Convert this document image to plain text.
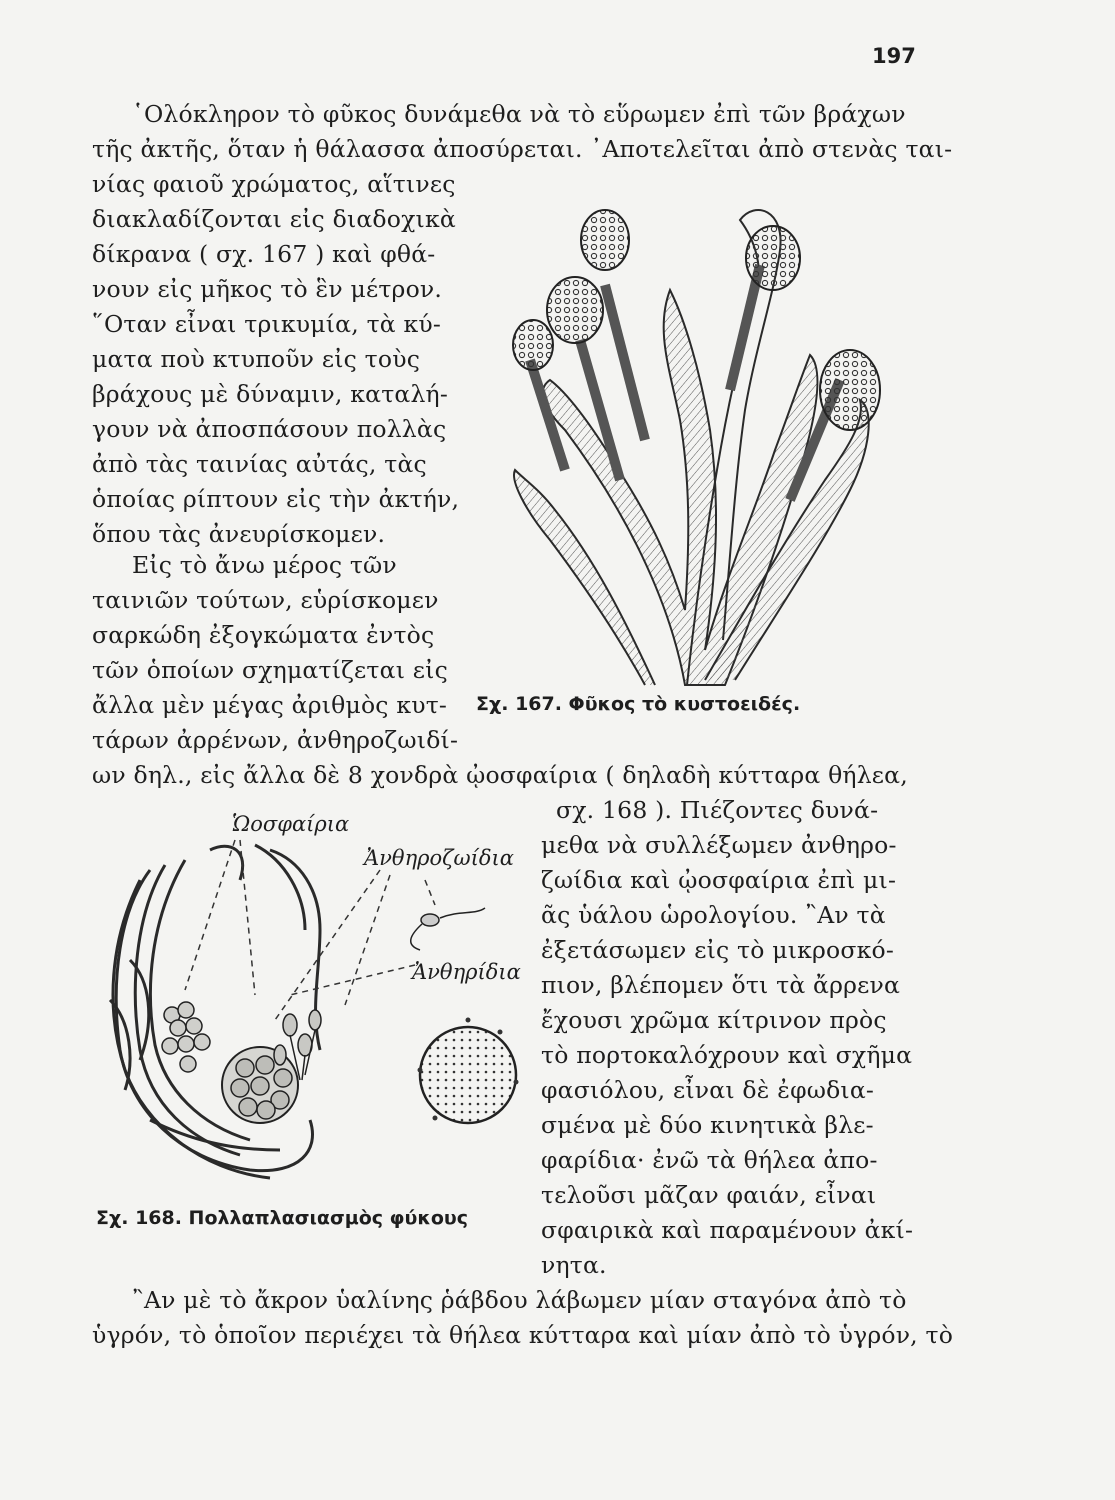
197
῾Ολόκληρον τὸ φῦκος δυνάμεθα νὰ τὸ εὕρωμεν ἐπὶ τῶν βράχων
τῆς ἀκτῆς, ὅταν ἡ θάλασσα ἀποσύρεται. ᾿Αποτελεῖται ἀπὸ στενὰς ται-
νίας φαιοῦ χρώματος, αἵτινες
διακλαδίζονται εἰς διαδοχικὰ
δίκρανα ( σχ. 167 ) καὶ φθά-
νουν εἰς μῆκος τὸ ἓν μέτρον.
῞Οταν εἶναι τρικυμία, τὰ κύ-
ματα ποὺ κτυποῦν εἰς τοὺς
βράχους μὲ δύναμιν, καταλή-
γουν νὰ ἀποσπάσουν πολλὰς
ἀπὸ τὰς ταινίας αὐτάς, τὰς
ὁποίας ρίπτουν εἰς τὴν ἀκτήν,
ὅπου τὰς ἀνευρίσκομεν.
Εἰς τὸ ἄνω μέρος τῶν
ταινιῶν τούτων, εὑρίσκομεν
σαρκώδη ἐξογκώματα ἐντὸς
τῶν ὁποίων σχηματίζεται εἰς
ἄλλα μὲν μέγας ἀριθμὸς κυτ-
τάρων ἀρρένων, ἀνθηροζωιδί-
ων δηλ., εἰς ἄλλα δὲ 8 χονδρὰ ᾠοσφαίρια ( δηλαδὴ κύτταρα θήλεα,
σχ. 168 ). Πιέζοντες δυνά-
μεθα νὰ συλλέξωμεν ἀνθηρο-
ζωίδια καὶ ᾠοσφαίρια ἐπὶ μι-
ᾶς ὑάλου ὡρολογίου. ῍Αν τὰ
ἐξετάσωμεν εἰς τὸ μικροσκό-
πιον, βλέπομεν ὅτι τὰ ἄρρενα
ἔχουσι χρῶμα κίτρινον πρὸς
τὸ πορτοκαλόχρουν καὶ σχῆμα
φασιόλου, εἶναι δὲ ἐφωδια-
σμένα μὲ δύο κινητικὰ βλε-
φαρίδια· ἐνῶ τὰ θήλεα ἀπο-
τελοῦσι μᾶζαν φαιάν, εἶναι
σφαιρικὰ καὶ παραμένουν ἀκί-
νητα.
῍Αν μὲ τὸ ἄκρον ὑαλίνης ῥάβδου λάβωμεν μίαν σταγόνα ἀπὸ τὸ
ὑγρόν, τὸ ὁποῖον περιέχει τὰ θήλεα κύτταρα καὶ μίαν ἀπὸ τὸ ὑγρόν, τὸ
Σχ. 167. Φῦκος τὸ κυστοειδές.
Ὡοσφαίρια
Ἀνθηροζωίδια
Ἀνθηρίδια
Σχ. 168. Πολλαπλασιασμὸς φύκους
